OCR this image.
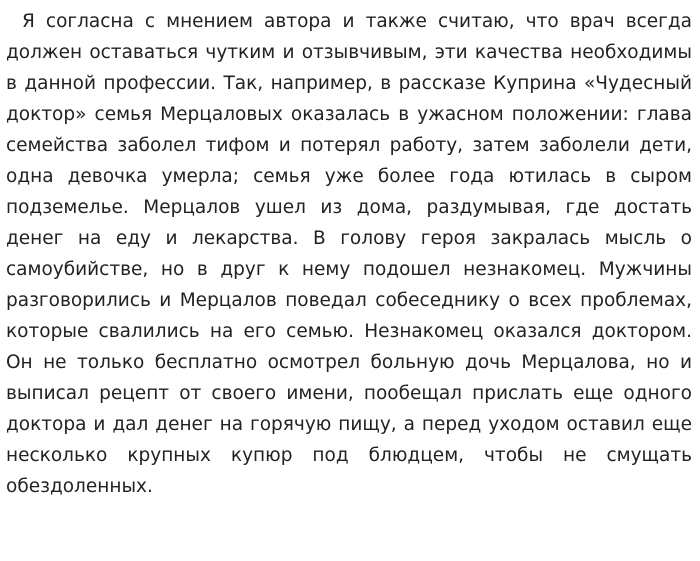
Я согласна с мнением автора и также считаю, что врач всегда должен оставаться чутким и отзывчивым, эти качества необходимы в данной профессии. Так, например, в рассказе Куприна «Чудесный доктор» семья Мерцаловых оказалась в ужасном положении: глава семейства заболел тифом и потерял работу, затем заболели дети, одна девочка умерла; семья уже более года ютилась в сыром подземелье. Мерцалов ушел из дома, раздумывая, где достать денег на еду и лекарства. В голову героя закралась мысль о самоубийстве, но в друг к нему подошел незнакомец. Мужчины разговорились и Мерцалов поведал собеседнику о всех проблемах, которые свалились на его семью. Незнакомец оказался доктором. Он не только бесплатно осмотрел больную дочь Мерцалова, но и выписал рецепт от своего имени, пообещал прислать еще одного доктора и дал денег на горячую пищу, а перед уходом оставил еще несколько крупных купюр под блюдцем, чтобы не смущать обездоленных.
